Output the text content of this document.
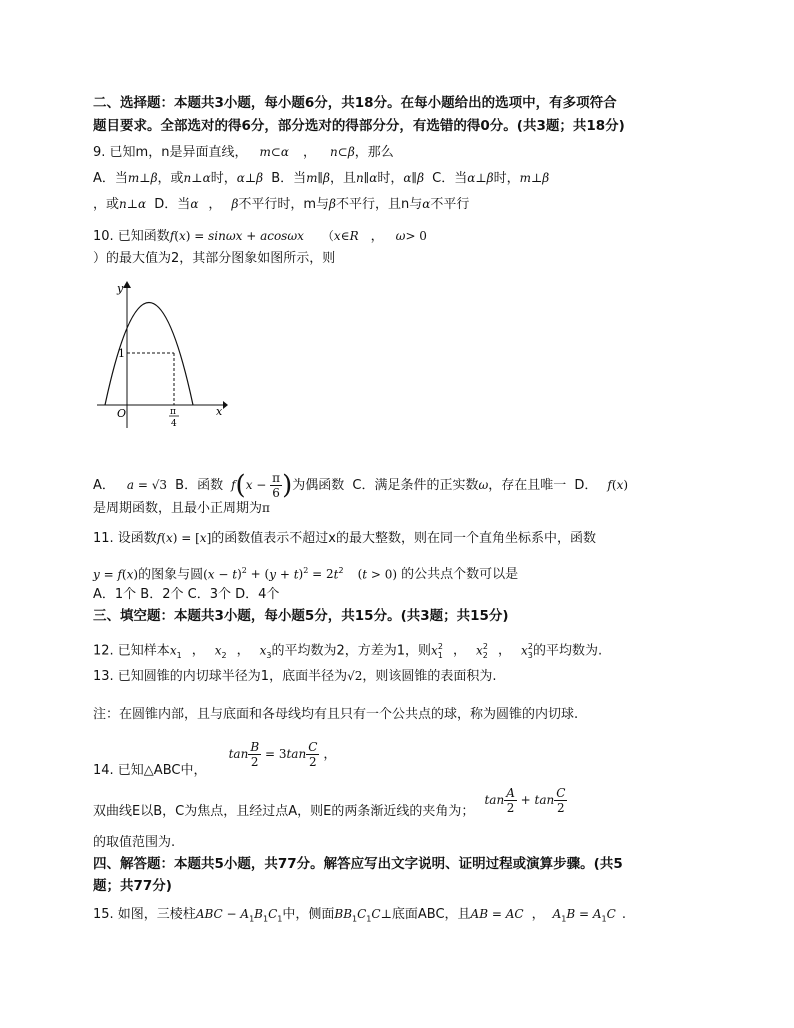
二、选择题：本题共3小题，每小题6分，共18分。在每小题给出的选项中，有多项符合
题目要求。全部选对的得6分，部分选对的得部分分，有选错的得0分。(共3题；共18分)
9. 已知m，n是异面直线， m⊂α ， n⊂β，那么
A．当m⊥β，或n⊥α时，α⊥β B．当m∥β，且n∥α时，α∥β C．当α⊥β时，m⊥β
，或n⊥α D．当α ， β不平行时，m与β不平行，且n与α不平行
10. 已知函数f(x) = sinωx + acosωx （x∈R ， ω> 0
）的最大值为2，其部分图象如图所示，则
y
x
O
1
π
4
A． a = √3 B．函数 $f(x - \frac{\pi}{6}$ )为偶函数 C．满足条件的正实数ω，存在且唯一 D． f(x)
是周期函数，且最小正周期为π
11. 设函数f(x) = [x]的函数值表示不超过x的最大整数，则在同一个直角坐标系中，函数
y = f(x)的图象与圆$(x - t)^2 + (y + t)^2 = 2t^2$ (t > 0) 的公共点个数可以是
A．1个 B．2个 C．3个 D．4个
三、填空题：本题共3小题，每小题5分，共15分。(共3题；共15分)
12. 已知样本$x_1$ ， $x_2$ ， $x_3$的平均数为2，方差为1，则$x_1^2$ ， $x_2^2$ ， $x_3^2$的平均数为.
13. 已知圆锥的内切球半径为1，底面半径为√2，则该圆锥的表面积为.
注：在圆锥内部，且与底面和各母线均有且只有一个公共点的球，称为圆锥的内切球.
14. 已知△ABC中， $\tan \frac{B}{2} = 3\tan \frac{C}{2}$ ，
双曲线E以B，C为焦点，且经过点A，则E的两条渐近线的夹角为； $\tan \frac{A}{2} + \tan \frac{C}{2}$
的取值范围为.
四、解答题：本题共5小题，共77分。解答应写出文字说明、证明过程或演算步骤。(共5
题；共77分)
15. 如图，三棱柱ABC − $A_1B_1C_1$中，侧面$BB_1C_1C\perp$底面ABC，且AB = AC ， $A_1B = A_1C$ .
